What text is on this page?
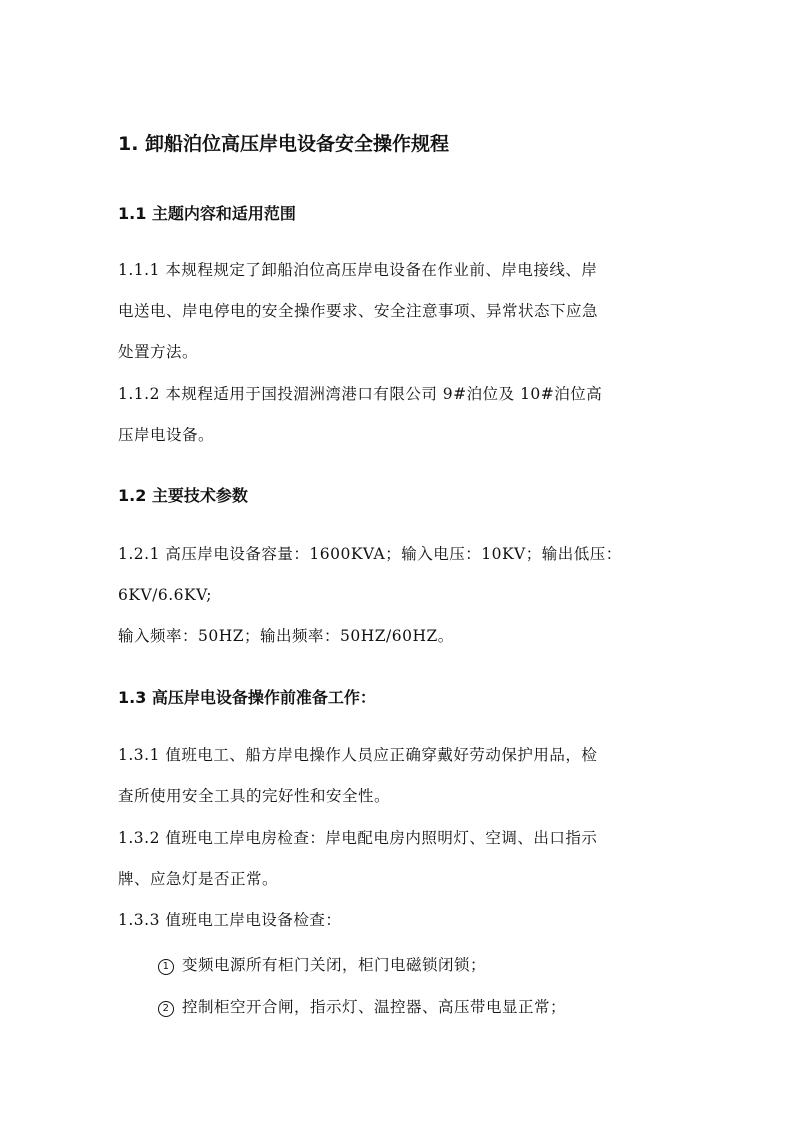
1. 卸船泊位高压岸电设备安全操作规程
1.1 主题内容和适用范围
1.1.1 本规程规定了卸船泊位高压岸电设备在作业前、岸电接线、岸
电送电、岸电停电的安全操作要求、安全注意事项、异常状态下应急
处置方法。
1.1.2 本规程适用于国投湄洲湾港口有限公司 9#泊位及 10#泊位高
压岸电设备。
1.2 主要技术参数
1.2.1 高压岸电设备容量：1600KVA；输入电压：10KV；输出低压：
6KV/6.6KV;
输入频率：50HZ；输出频率：50HZ/60HZ。
1.3 高压岸电设备操作前准备工作：
1.3.1 值班电工、船方岸电操作人员应正确穿戴好劳动保护用品，检
查所使用安全工具的完好性和安全性。
1.3.2 值班电工岸电房检查：岸电配电房内照明灯、空调、出口指示
牌、应急灯是否正常。
1.3.3 值班电工岸电设备检查：
1 变频电源所有柜门关闭，柜门电磁锁闭锁；
2 控制柜空开合闸，指示灯、温控器、高压带电显正常；
